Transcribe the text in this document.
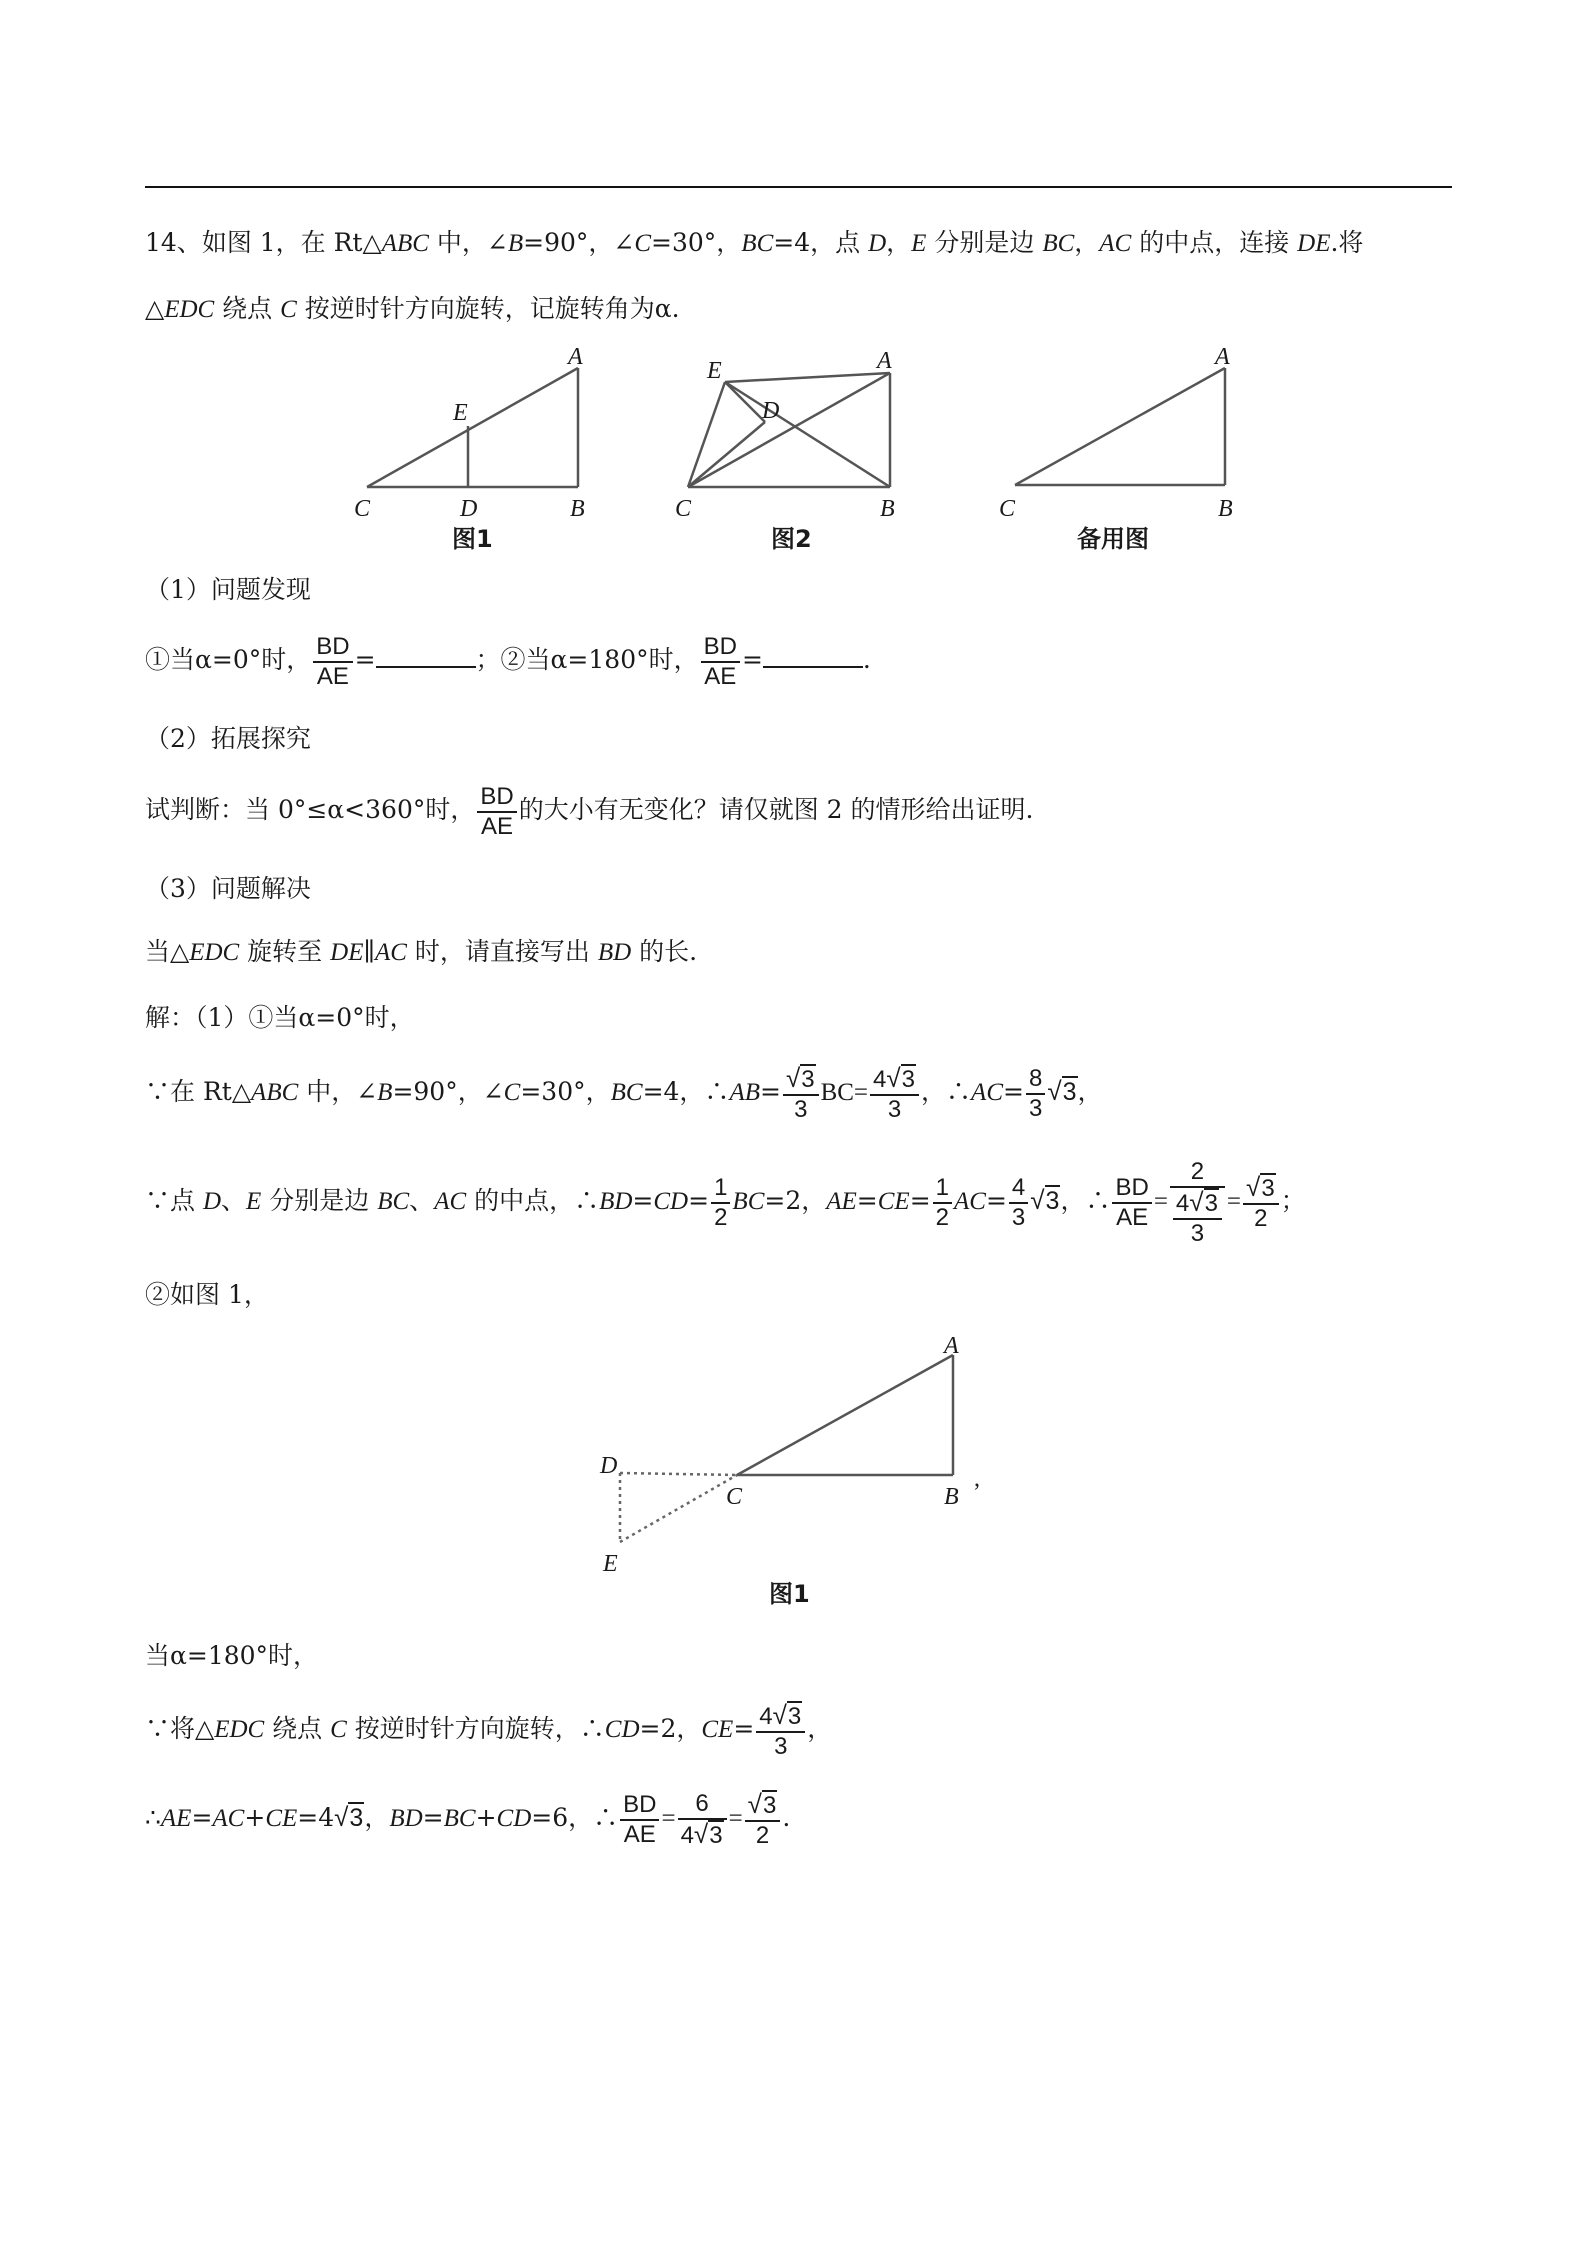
14、如图 1，在 Rt△ABC 中，∠B=90°，∠C=30°，BC=4，点 D，E 分别是边 BC，AC 的中点，连接 DE.将
△EDC 绕点 C 按逆时针方向旋转，记旋转角为α.
A
B
C	D
E
图1
A
B
C
D
E
图2
A
B
C
备用图
（1）问题发现
①当α=0°时， $\frac{BD}{AE}$ =	；②当α=180°时， $\frac{BD}{AE}$ =	.
（2）拓展探究
试判断：当 0°≤α<360°时， $\frac{BD}{AE}$ 的大小有无变化？请仅就图 2 的情形给出证明.
（3）问题解决
当△EDC 旋转至 DE∥AC 时，请直接写出 BD 的长.
解：（1）①当α=0°时，
∵在 Rt△ABC 中，∠B=90°，∠C=30°，BC=4，∴AB= $\frac{√3}{3} BC= \frac{4√3}{3}$ ，∴AC= $\frac{8}{3} √3$，
∵点 D、E 分别是边 BC、AC 的中点，∴BD=CD= $\frac{1}{2} BC=2$，$AE=CE= \frac{1}{2} AC= \frac{4}{3} √3$，∴ $\frac{BD}{AE} = \frac{2}{\frac{4√3}{3}} = \frac{√3}{2}$ ；
②如图 1，
A
B
C
D
E
,
图1
当α=180°时，
∵将△EDC 绕点 C 按逆时针方向旋转，∴CD=2，$CE= \frac{4√3}{3}$ ，
∴AE=AC+CE=4√3，BD=BC+CD=6，∴ $\frac{BD}{AE} = \frac{6}{4√3} = \frac{√3}{2}$ .
